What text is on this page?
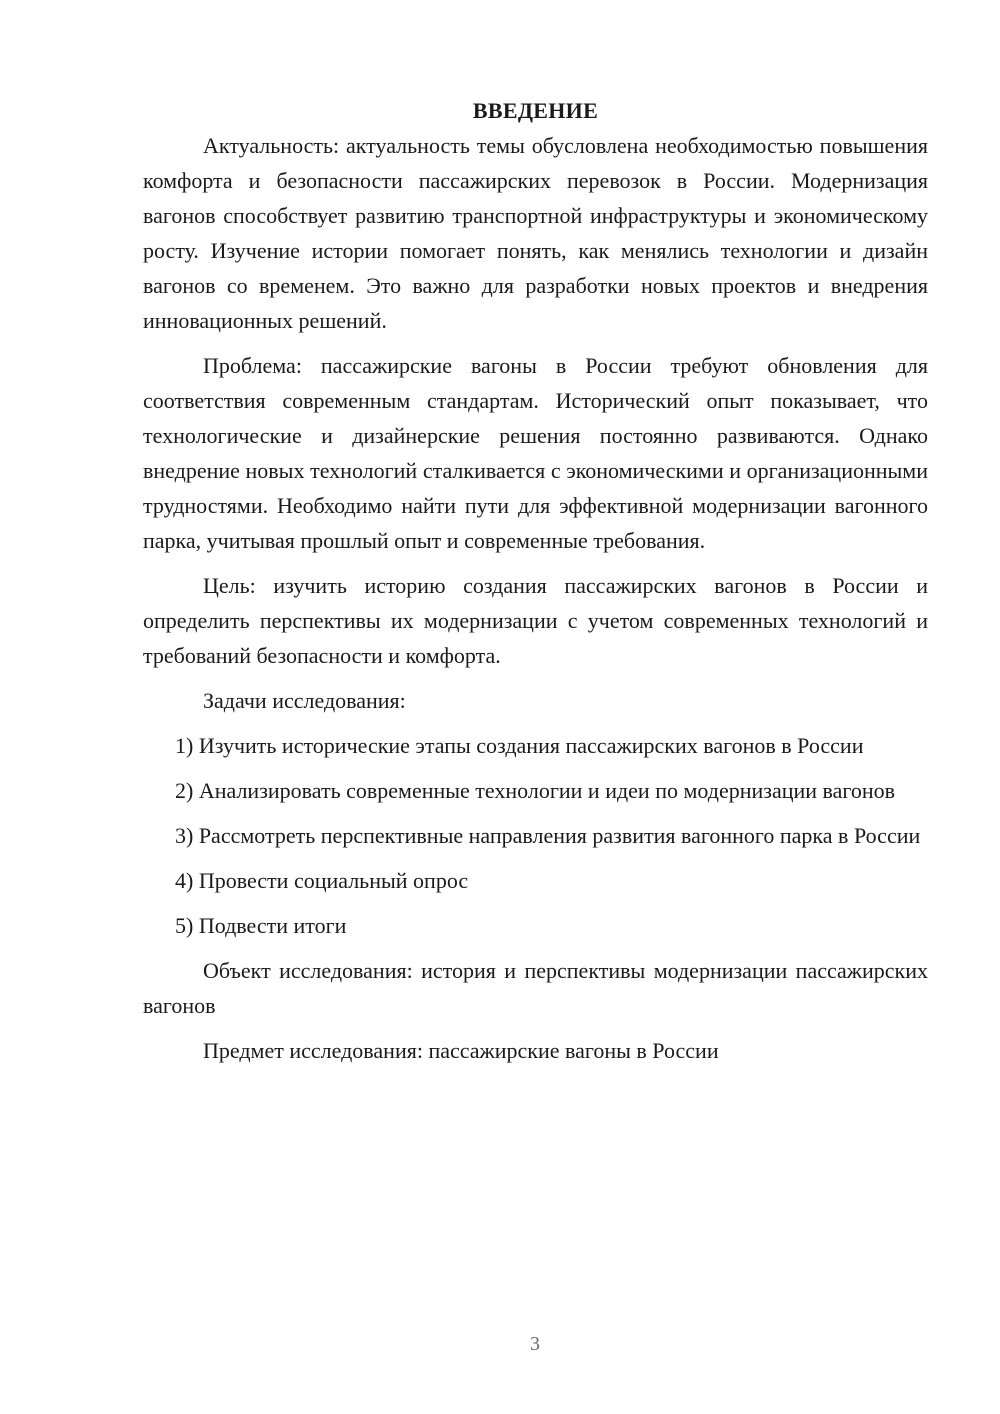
ВВЕДЕНИЕ

Актуальность: актуальность темы обусловлена необходимостью повышения комфорта и безопасности пассажирских перевозок в России. Модернизация вагонов способствует развитию транспортной инфраструктуры и экономическому росту. Изучение истории помогает понять, как менялись технологии и дизайн вагонов со временем. Это важно для разработки новых проектов и внедрения инновационных решений.

Проблема: пассажирские вагоны в России требуют обновления для соответствия современным стандартам. Исторический опыт показывает, что технологические и дизайнерские решения постоянно развиваются. Однако внедрение новых технологий сталкивается с экономическими и организационными трудностями. Необходимо найти пути для эффективной модернизации вагонного парка, учитывая прошлый опыт и современные требования.

Цель: изучить историю создания пассажирских вагонов в России и определить перспективы их модернизации с учетом современных технологий и требований безопасности и комфорта.

Задачи исследования:

1) Изучить исторические этапы создания пассажирских вагонов в России

2) Анализировать современные технологии и идеи по модернизации вагонов

3) Рассмотреть перспективные направления развития вагонного парка в России

4) Провести социальный опрос

5) Подвести итоги

Объект исследования: история и перспективы модернизации пассажирских вагонов

Предмет исследования: пассажирские вагоны в России

3
